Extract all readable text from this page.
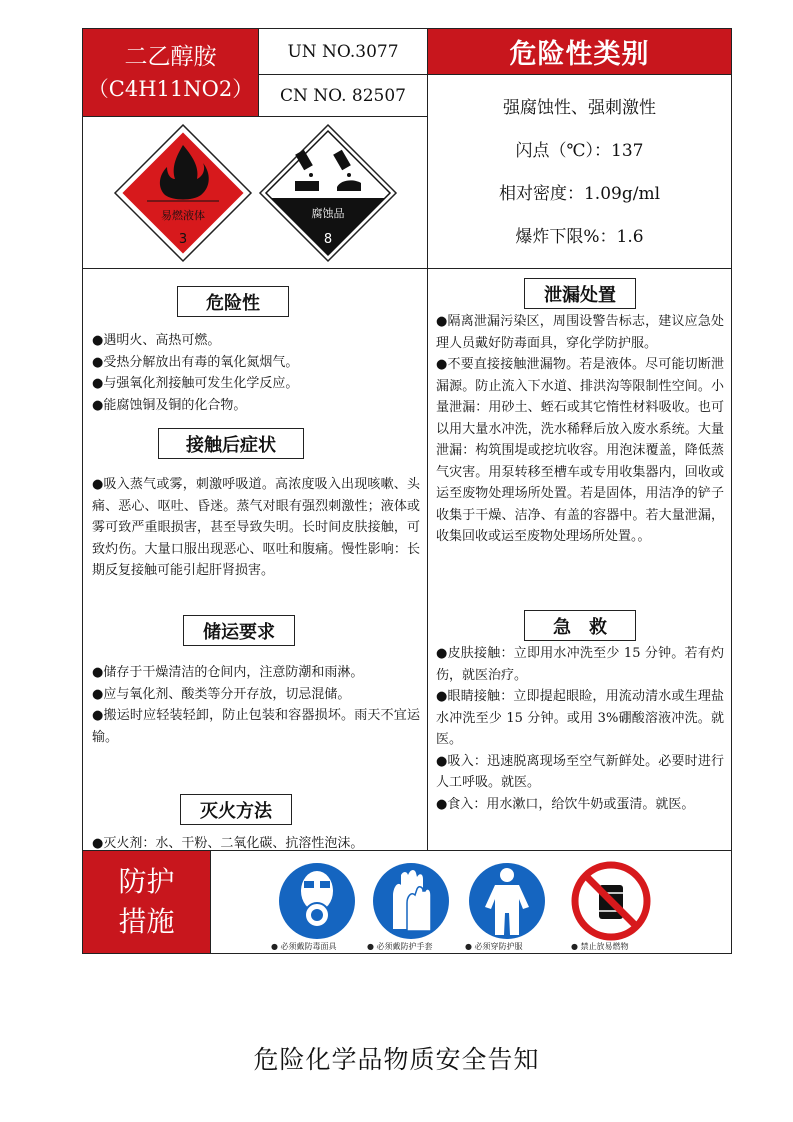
二乙醇胺
（C4H11NO2）
UN NO.3077
CN NO. 82507
危险性类别
易燃液体
3
腐蚀品
8
强腐蚀性、强刺激性
闪点（℃）：137
相对密度：1.09g/ml
爆炸下限%：1.6
危险性

●遇明火、高热可燃。

●受热分解放出有毒的氧化氮烟气。

●与强氧化剂接触可发生化学反应。

●能腐蚀铜及铜的化合物。

接触后症状

●吸入蒸气或雾，刺激呼吸道。高浓度吸入出现咳嗽、头痛、恶心、呕吐、昏迷。蒸气对眼有强烈刺激性；液体或雾可致严重眼损害，甚至导致失明。长时间皮肤接触，可致灼伤。大量口服出现恶心、呕吐和腹痛。慢性影响：长期反复接触可能引起肝肾损害。

储运要求

●储存于干燥清洁的仓间内，注意防潮和雨淋。

●应与氧化剂、酸类等分开存放，切忌混储。

●搬运时应轻装轻卸，防止包装和容器损坏。雨天不宜运输。

灭火方法

●灭火剂：水、干粉、二氧化碳、抗溶性泡沫。

泄漏处置

●隔离泄漏污染区，周围设警告标志，建议应急处理人员戴好防毒面具，穿化学防护服。

●不要直接接触泄漏物。若是液体。尽可能切断泄漏源。防止流入下水道、排洪沟等限制性空间。小量泄漏：用砂土、蛭石或其它惰性材料吸收。也可以用大量水冲洗，洗水稀释后放入废水系统。大量泄漏：构筑围堤或挖坑收容。用泡沫覆盖，降低蒸气灾害。用泵转移至槽车或专用收集器内，回收或运至废物处理场所处置。若是固体，用洁净的铲子收集于干燥、洁净、有盖的容器中。若大量泄漏，收集回收或运至废物处理场所处置。。

急　救

●皮肤接触：立即用水冲洗至少 15 分钟。若有灼伤，就医治疗。

●眼睛接触：立即提起眼睑，用流动清水或生理盐水冲洗至少 15 分钟。或用 3%硼酸溶液冲洗。就医。

●吸入：迅速脱离现场至空气新鲜处。必要时进行人工呼吸。就医。

●食入：用水漱口，给饮牛奶或蛋清。就医。

防护
措施
● 必须戴防毒面具	● 必须戴防护手套	● 必须穿防护服	● 禁止放易燃物
危险化学品物质安全告知
